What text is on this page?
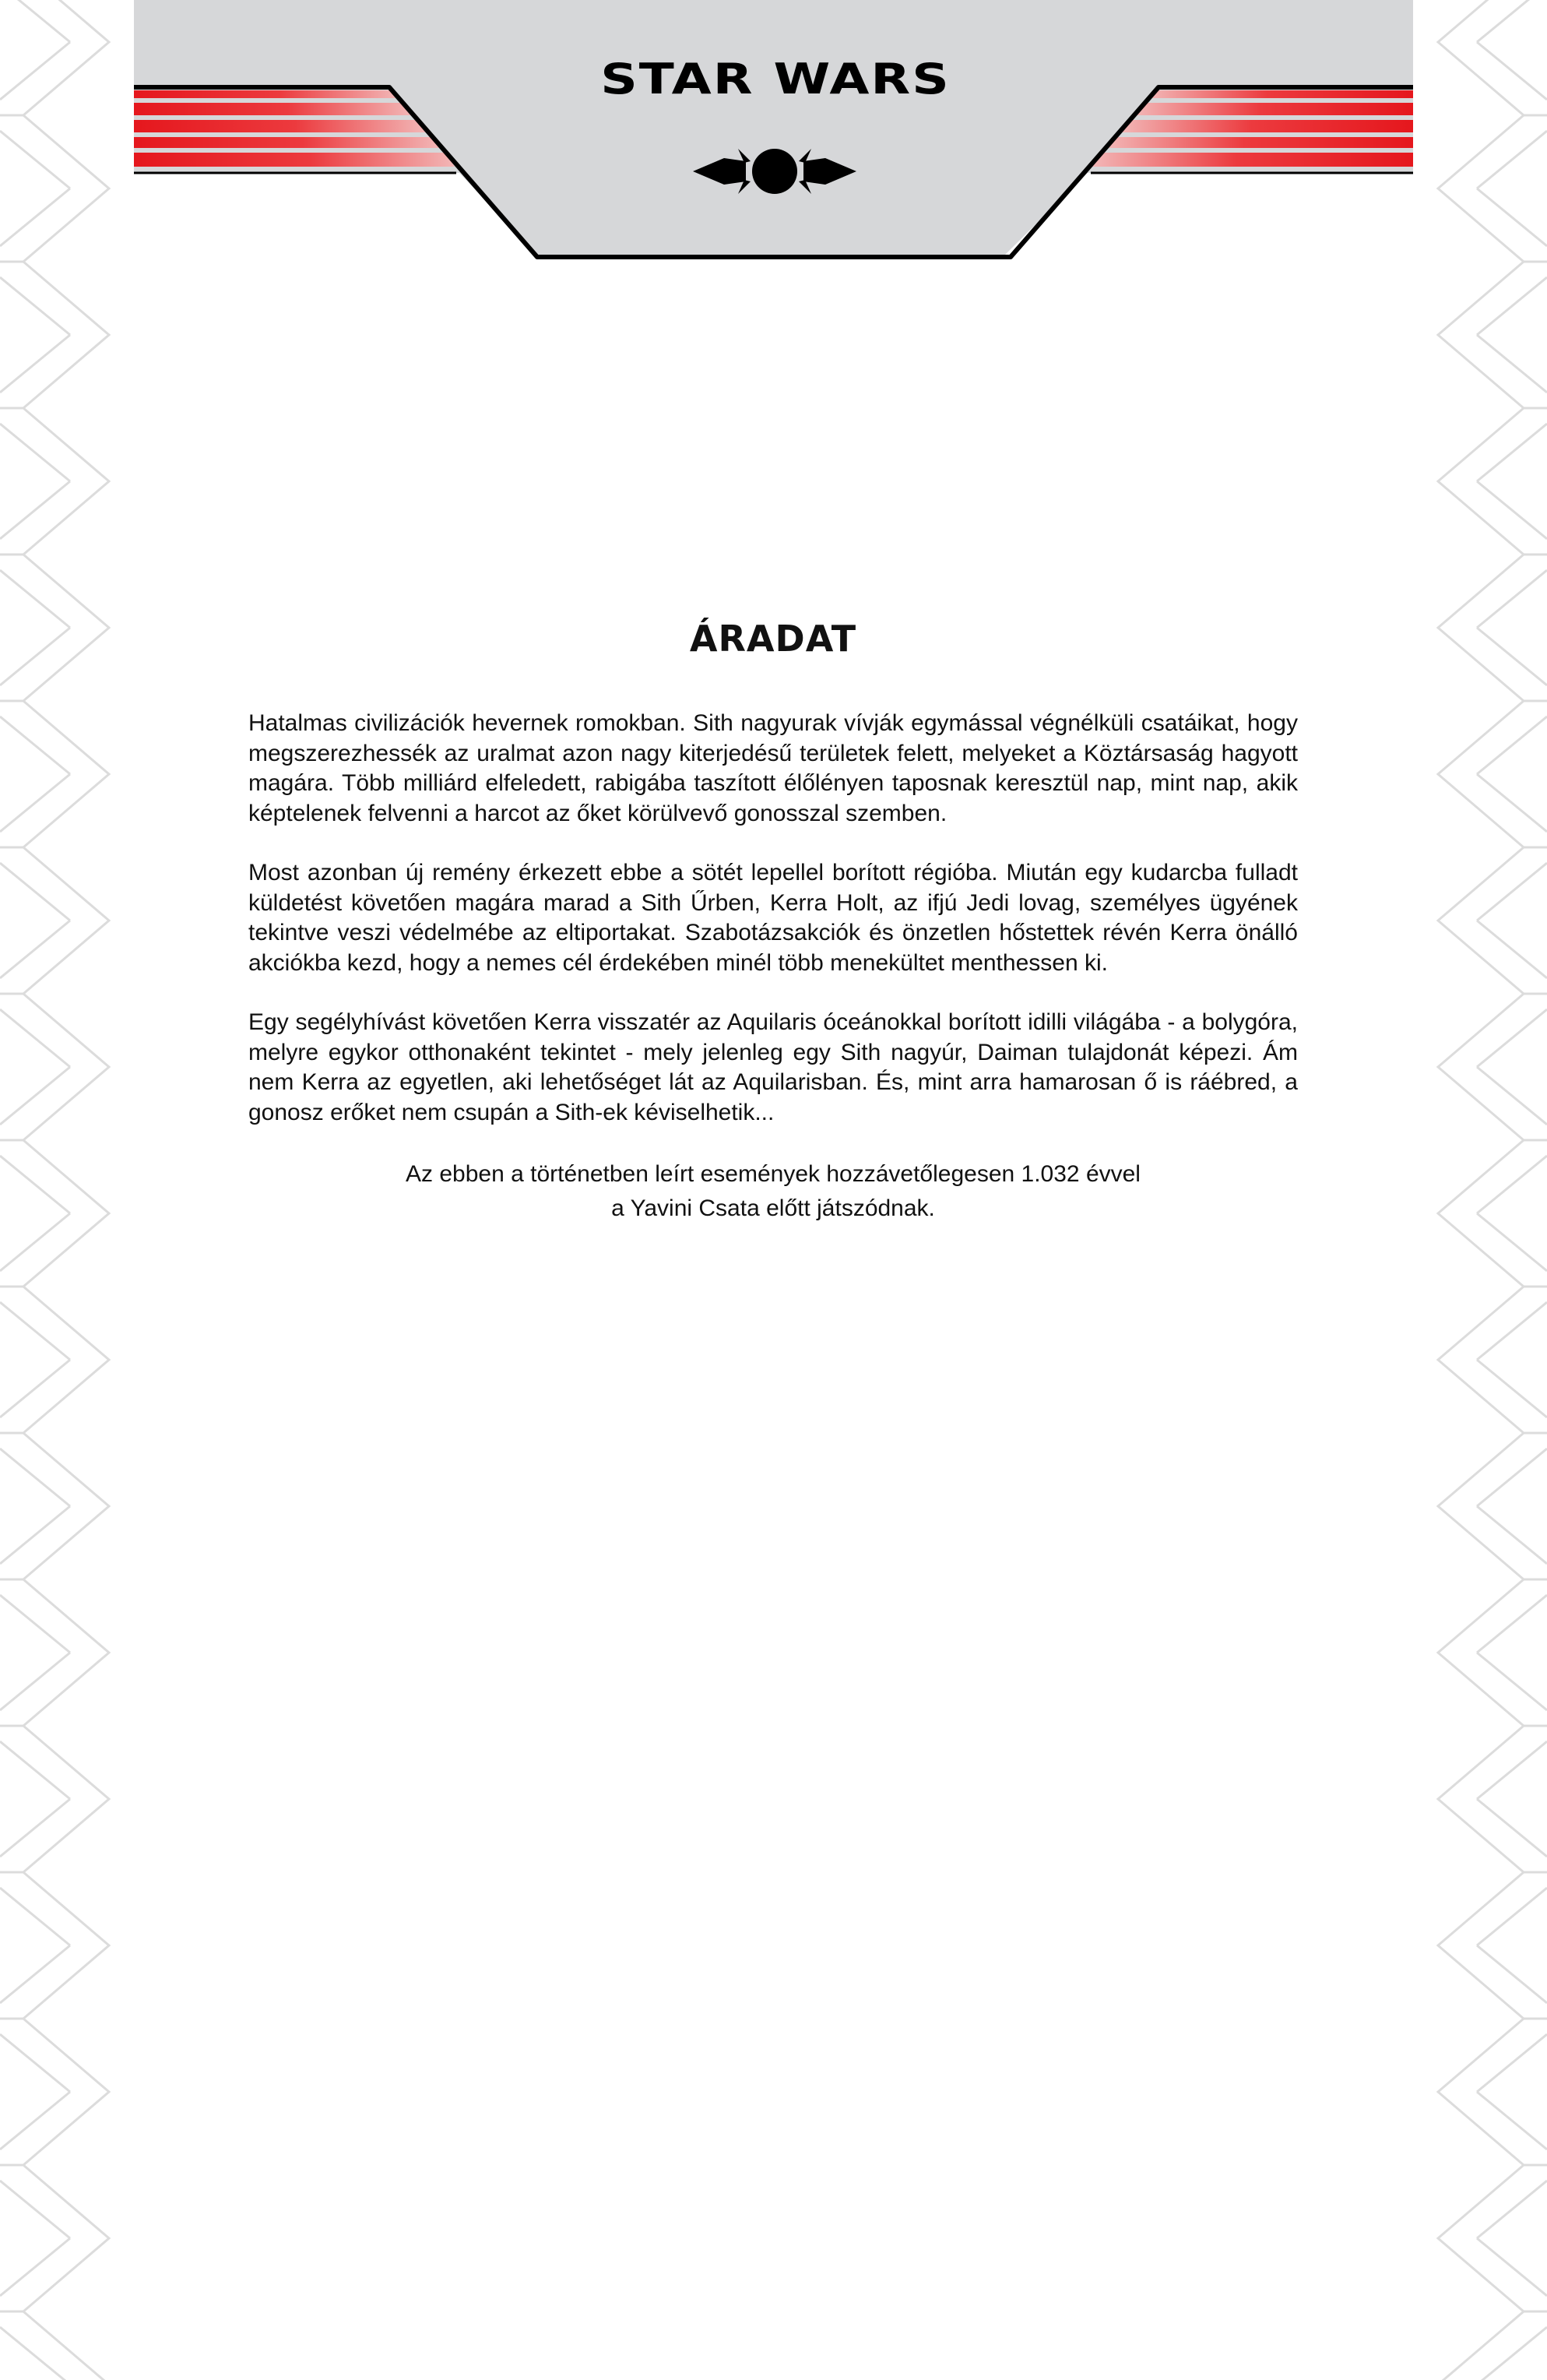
STAR WARS
ÁRADAT

Hatalmas civilizációk hevernek romokban. Sith nagyurak vívják egymással végnélküli csatáikat, hogy megszerezhessék az uralmat azon nagy kiterjedésű területek felett, melyeket a Köztársaság hagyott magára. Több milliárd elfeledett, rabigába taszított élőlényen taposnak keresztül nap, mint nap, akik képtelenek felvenni a harcot az őket körülvevő gonosszal szemben.

Most azonban új remény érkezett ebbe a sötét lepellel borított régióba. Miután egy kudarcba fulladt küldetést követően magára marad a Sith Űrben, Kerra Holt, az ifjú Jedi lovag, személyes ügyének tekintve veszi védelmébe az eltiportakat. Szabotázsakciók és önzetlen hőstettek révén Kerra önálló akciókba kezd, hogy a nemes cél érdekében minél több menekültet menthessen ki.

Egy segélyhívást követően Kerra visszatér az Aquilaris óceánokkal borított idilli világába - a bolygóra, melyre egykor otthonaként tekintet - mely jelenleg egy Sith nagyúr, Daiman tulajdonát képezi. Ám nem Kerra az egyetlen, aki lehetőséget lát az Aquilarisban. És, mint arra hamarosan ő is ráébred, a gonosz erőket nem csupán a Sith-ek kéviselhetik...

Az ebben a történetben leírt események hozzávetőlegesen 1.032 évvel
a Yavini Csata előtt játszódnak.
